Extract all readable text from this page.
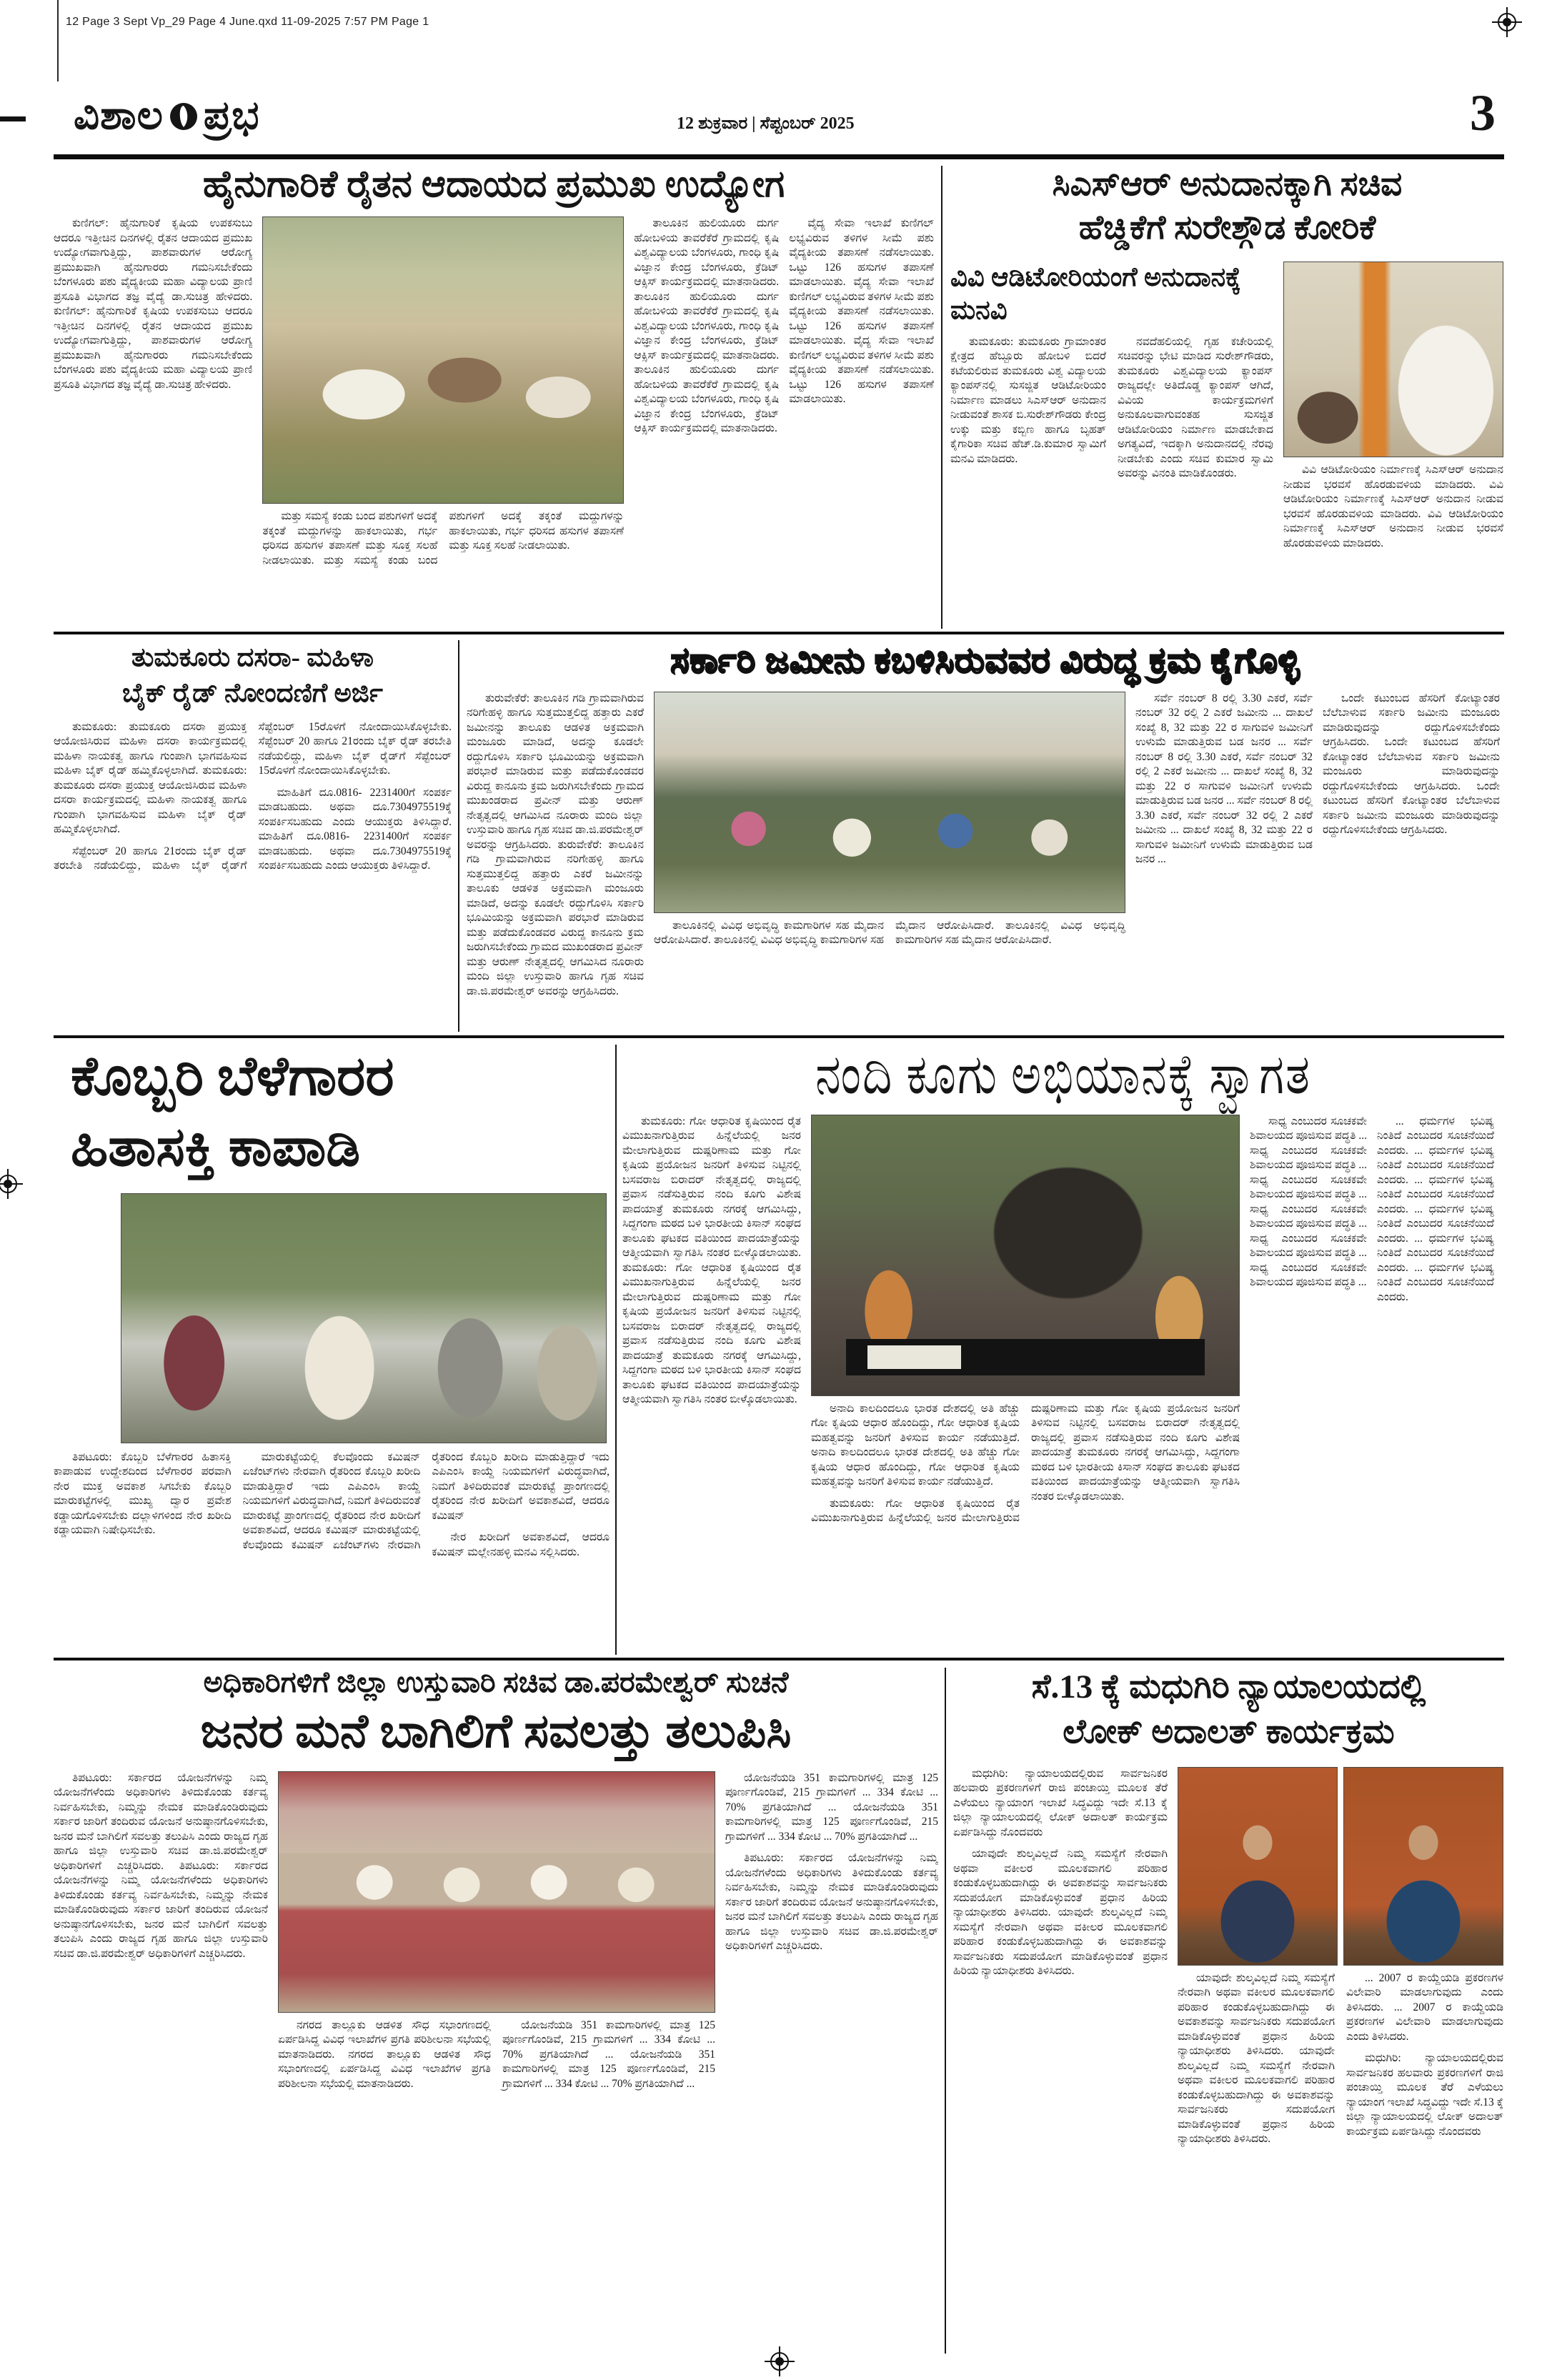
12 Page 3 Sept Vp_29 Page 4 June.qxd 11-09-2025 7:57 PM Page 1
ವಿಶಾಲ ಪ್ರಭ	12 ಶುಕ್ರವಾರ | ಸೆಪ್ಟಂಬರ್ 2025	3
ಹೈನುಗಾರಿಕೆ ರೈತನ ಆದಾಯದ ಪ್ರಮುಖ ಉದ್ಯೋಗ

ಕುಣಿಗಲ್: ಹೈನುಗಾರಿಕೆ ಕೃಷಿಯ ಉಪಕಸುಬು ಆದರೂ ಇತ್ತೀಚಿನ ದಿನಗಳಲ್ಲಿ ರೈತನ ಆದಾಯದ ಪ್ರಮುಖ ಉದ್ಯೋಗವಾಗುತ್ತಿದ್ದು, ಪಾಶವಾರುಗಳ ಆರೋಗ್ಯ ಪ್ರಮುಖವಾಗಿ ಹೈನುಗಾರರು ಗಮನಿಸಬೇಕೆಂದು ಬೆಂಗಳೂರು ಪಶು ವೈದ್ಯಕೀಯ ಮಹಾ ವಿದ್ಯಾಲಯ ಪ್ರಾಣಿ ಪ್ರಸೂತಿ ವಿಭಾಗದ ತಜ್ಞ ವೈದ್ಯೆ ಡಾ.ಸುಚಿತ್ರ ಹೇಳಿದರು. ಕುಣಿಗಲ್: ಹೈನುಗಾರಿಕೆ ಕೃಷಿಯ ಉಪಕಸುಬು ಆದರೂ ಇತ್ತೀಚಿನ ದಿನಗಳಲ್ಲಿ ರೈತನ ಆದಾಯದ ಪ್ರಮುಖ ಉದ್ಯೋಗವಾಗುತ್ತಿದ್ದು, ಪಾಶವಾರುಗಳ ಆರೋಗ್ಯ ಪ್ರಮುಖವಾಗಿ ಹೈನುಗಾರರು ಗಮನಿಸಬೇಕೆಂದು ಬೆಂಗಳೂರು ಪಶು ವೈದ್ಯಕೀಯ ಮಹಾ ವಿದ್ಯಾಲಯ ಪ್ರಾಣಿ ಪ್ರಸೂತಿ ವಿಭಾಗದ ತಜ್ಞ ವೈದ್ಯೆ ಡಾ.ಸುಚಿತ್ರ ಹೇಳಿದರು.

ಮತ್ತು ಸಮಸ್ಯೆ ಕಂಡು ಬಂದ ಪಶುಗಳಿಗೆ ಅದಕ್ಕೆ ತಕ್ಕಂತೆ ಮದ್ದುಗಳನ್ನು ಹಾಕಲಾಯಿತು, ಗರ್ಭ ಧರಿಸದ ಹಸುಗಳ ತಪಾಸಣೆ ಮತ್ತು ಸೂಕ್ತ ಸಲಹೆ ನೀಡಲಾಯಿತು. ಮತ್ತು ಸಮಸ್ಯೆ ಕಂಡು ಬಂದ ಪಶುಗಳಿಗೆ ಅದಕ್ಕೆ ತಕ್ಕಂತೆ ಮದ್ದುಗಳನ್ನು ಹಾಕಲಾಯಿತು, ಗರ್ಭ ಧರಿಸದ ಹಸುಗಳ ತಪಾಸಣೆ ಮತ್ತು ಸೂಕ್ತ ಸಲಹೆ ನೀಡಲಾಯಿತು.

ತಾಲೂಕಿನ ಹುಲಿಯೂರು ದುರ್ಗ ಹೋಬಳಿಯ ತಾವರೆಕೆರೆ ಗ್ರಾಮದಲ್ಲಿ ಕೃಷಿ ವಿಶ್ವವಿದ್ಯಾಲಯ ಬೆಂಗಳೂರು, ಗಾಂಧಿ ಕೃಷಿ ವಿಜ್ಞಾನ ಕೇಂದ್ರ ಬೆಂಗಳೂರು, ಕ್ರೆಡಿಟ್ ಆಕ್ಸಿಸ್ ಕಾರ್ಯಕ್ರಮದಲ್ಲಿ ಮಾತನಾಡಿದರು. ತಾಲೂಕಿನ ಹುಲಿಯೂರು ದುರ್ಗ ಹೋಬಳಿಯ ತಾವರೆಕೆರೆ ಗ್ರಾಮದಲ್ಲಿ ಕೃಷಿ ವಿಶ್ವವಿದ್ಯಾಲಯ ಬೆಂಗಳೂರು, ಗಾಂಧಿ ಕೃಷಿ ವಿಜ್ಞಾನ ಕೇಂದ್ರ ಬೆಂಗಳೂರು, ಕ್ರೆಡಿಟ್ ಆಕ್ಸಿಸ್ ಕಾರ್ಯಕ್ರಮದಲ್ಲಿ ಮಾತನಾಡಿದರು. ತಾಲೂಕಿನ ಹುಲಿಯೂರು ದುರ್ಗ ಹೋಬಳಿಯ ತಾವರೆಕೆರೆ ಗ್ರಾಮದಲ್ಲಿ ಕೃಷಿ ವಿಶ್ವವಿದ್ಯಾಲಯ ಬೆಂಗಳೂರು, ಗಾಂಧಿ ಕೃಷಿ ವಿಜ್ಞಾನ ಕೇಂದ್ರ ಬೆಂಗಳೂರು, ಕ್ರೆಡಿಟ್ ಆಕ್ಸಿಸ್ ಕಾರ್ಯಕ್ರಮದಲ್ಲಿ ಮಾತನಾಡಿದರು.

ವೈದ್ಯ ಸೇವಾ ಇಲಾಖೆ ಕುಣಿಗಲ್ ಲಭ್ಯವಿರುವ ತಳಿಗಳ ಸೀಮೆ ಪಶು ವೈದ್ಯಕೀಯ ತಪಾಸಣೆ ನಡೆಸಲಾಯಿತು. ಒಟ್ಟು 126 ಹಸುಗಳ ತಪಾಸಣೆ ಮಾಡಲಾಯಿತು. ವೈದ್ಯ ಸೇವಾ ಇಲಾಖೆ ಕುಣಿಗಲ್ ಲಭ್ಯವಿರುವ ತಳಿಗಳ ಸೀಮೆ ಪಶು ವೈದ್ಯಕೀಯ ತಪಾಸಣೆ ನಡೆಸಲಾಯಿತು. ಒಟ್ಟು 126 ಹಸುಗಳ ತಪಾಸಣೆ ಮಾಡಲಾಯಿತು. ವೈದ್ಯ ಸೇವಾ ಇಲಾಖೆ ಕುಣಿಗಲ್ ಲಭ್ಯವಿರುವ ತಳಿಗಳ ಸೀಮೆ ಪಶು ವೈದ್ಯಕೀಯ ತಪಾಸಣೆ ನಡೆಸಲಾಯಿತು. ಒಟ್ಟು 126 ಹಸುಗಳ ತಪಾಸಣೆ ಮಾಡಲಾಯಿತು.

ಸಿಎಸ್ಆರ್ ಅನುದಾನಕ್ಕಾಗಿ ಸಚಿವ
ಹೆಚ್ಡಿಕೆಗೆ ಸುರೇಶ್ಗೌಡ ಕೋರಿಕೆ
ವಿವಿ ಆಡಿಟೋರಿಯಂಗೆ ಅನುದಾನಕ್ಕೆ ಮನವಿ

ತುಮಕೂರು: ತುಮಕೂರು ಗ್ರಾಮಾಂತರ ಕ್ಷೇತ್ರದ ಹೆಬ್ಬೂರು ಹೋಬಳಿ ಬಿದರೆ ಕಟೆಯಲಿರುವ ತುಮಕೂರು ವಿಶ್ವ ವಿದ್ಯಾಲಯ ಕ್ಯಾಂಪಸ್‌ನಲ್ಲಿ ಸುಸಜ್ಜಿತ ಆಡಿಟೋರಿಯಂ ನಿರ್ಮಾಣ ಮಾಡಲು ಸಿಎಸ್‌ಆರ್ ಅನುದಾನ ನೀಡುವಂತೆ ಶಾಸಕ ಬಿ.ಸುರೇಶ್‌ಗೌಡರು ಕೇಂದ್ರ ಉಕ್ಕು ಮತ್ತು ಕಬ್ಬಿಣ ಹಾಗೂ ಬೃಹತ್ ಕೈಗಾರಿಕಾ ಸಚಿವ ಹೆಚ್.ಡಿ.ಕುಮಾರ ಸ್ವಾಮಿಗೆ ಮನವಿ ಮಾಡಿದರು.

ನವದೆಹಲಿಯಲ್ಲಿ ಗೃಹ ಕಚೇರಿಯಲ್ಲಿ ಸಚಿವರನ್ನು ಭೇಟಿ ಮಾಡಿದ ಸುರೇಶ್‌ಗೌಡರು, ತುಮಕೂರು ವಿಶ್ವವಿದ್ಯಾಲಯ ಕ್ಯಾಂಪಸ್ ರಾಜ್ಯದಲ್ಲೇ ಅತಿದೊಡ್ಡ ಕ್ಯಾಂಪಸ್ ಆಗಿದೆ, ವಿವಿಯ ಕಾರ್ಯಕ್ರಮಗಳಿಗೆ ಅನುಕೂಲವಾಗುವಂತಹ ಸುಸಜ್ಜಿತ ಆಡಿಟೋರಿಯಂ ನಿರ್ಮಾಣ ಮಾಡಬೇಕಾದ ಅಗತ್ಯವಿದೆ, ಇದಕ್ಕಾಗಿ ಅನುದಾನದಲ್ಲಿ ನೆರವು ನೀಡಬೇಕು ಎಂದು ಸಚಿವ ಕುಮಾರ ಸ್ವಾಮಿ ಅವರನ್ನು ವಿನಂತಿ ಮಾಡಿಕೊಂಡರು.	ವಿವಿ ಆಡಿಟೋರಿಯಂ ನಿರ್ಮಾಣಕ್ಕೆ ಸಿಎಸ್ಆರ್ ಅನುದಾನ ನೀಡುವ ಭರವಸೆ ಹೊರಡುವಳಿಯ ಮಾಡಿದರು. ವಿವಿ ಆಡಿಟೋರಿಯಂ ನಿರ್ಮಾಣಕ್ಕೆ ಸಿಎಸ್ಆರ್ ಅನುದಾನ ನೀಡುವ ಭರವಸೆ ಹೊರಡುವಳಿಯ ಮಾಡಿದರು. ವಿವಿ ಆಡಿಟೋರಿಯಂ ನಿರ್ಮಾಣಕ್ಕೆ ಸಿಎಸ್ಆರ್ ಅನುದಾನ ನೀಡುವ ಭರವಸೆ ಹೊರಡುವಳಿಯ ಮಾಡಿದರು.

ತುಮಕೂರು ದಸರಾ- ಮಹಿಳಾ
ಬೈಕ್ ರೈಡ್ ನೋಂದಣಿಗೆ ಅರ್ಜಿ

ತುಮಕೂರು: ತುಮಕೂರು ದಸರಾ ಪ್ರಯುಕ್ತ ಆಯೋಜಿಸಿರುವ ಮಹಿಳಾ ದಸರಾ ಕಾರ್ಯಕ್ರಮದಲ್ಲಿ ಮಹಿಳಾ ನಾಯಕತ್ವ ಹಾಗೂ ಗುಂಪಾಗಿ ಭಾಗವಹಿಸುವ ಮಹಿಳಾ ಬೈಕ್ ರೈಡ್ ಹಮ್ಮಿಕೊಳ್ಳಲಾಗಿದೆ. ತುಮಕೂರು: ತುಮಕೂರು ದಸರಾ ಪ್ರಯುಕ್ತ ಆಯೋಜಿಸಿರುವ ಮಹಿಳಾ ದಸರಾ ಕಾರ್ಯಕ್ರಮದಲ್ಲಿ ಮಹಿಳಾ ನಾಯಕತ್ವ ಹಾಗೂ ಗುಂಪಾಗಿ ಭಾಗವಹಿಸುವ ಮಹಿಳಾ ಬೈಕ್ ರೈಡ್ ಹಮ್ಮಿಕೊಳ್ಳಲಾಗಿದೆ.

ಸೆಪ್ಟೆಂಬರ್ 20 ಹಾಗೂ 21ರಂದು ಬೈಕ್ ರೈಡ್ ತರಬೇತಿ ನಡೆಯಲಿದ್ದು, ಮಹಿಳಾ ಬೈಕ್ ರೈಡ್‌ಗೆ ಸೆಪ್ಟೆಂಬರ್ 15ರೊಳಗೆ ನೋಂದಾಯಿಸಿಕೊಳ್ಳಬೇಕು. ಸೆಪ್ಟೆಂಬರ್ 20 ಹಾಗೂ 21ರಂದು ಬೈಕ್ ರೈಡ್ ತರಬೇತಿ ನಡೆಯಲಿದ್ದು, ಮಹಿಳಾ ಬೈಕ್ ರೈಡ್‌ಗೆ ಸೆಪ್ಟೆಂಬರ್ 15ರೊಳಗೆ ನೋಂದಾಯಿಸಿಕೊಳ್ಳಬೇಕು.

ಮಾಹಿತಿಗೆ ದೂ.0816- 2231400ಗೆ ಸಂಪರ್ಕ ಮಾಡಬಹುದು. ಅಥವಾ ದೂ.7304975519ಕ್ಕೆ ಸಂಪರ್ಕಿಸಬಹುದು ಎಂದು ಆಯುಕ್ತರು ತಿಳಿಸಿದ್ದಾರೆ. ಮಾಹಿತಿಗೆ ದೂ.0816- 2231400ಗೆ ಸಂಪರ್ಕ ಮಾಡಬಹುದು. ಅಥವಾ ದೂ.7304975519ಕ್ಕೆ ಸಂಪರ್ಕಿಸಬಹುದು ಎಂದು ಆಯುಕ್ತರು ತಿಳಿಸಿದ್ದಾರೆ.

ಸರ್ಕಾರಿ ಜಮೀನು ಕಬಳಿಸಿರುವವರ ವಿರುದ್ಧ ಕ್ರಮ ಕೈಗೊಳ್ಳಿ

ತುರುವೇಕೆರೆ: ತಾಲೂಕಿನ ಗಡಿ ಗ್ರಾಮವಾಗಿರುವ ನರಿಗೇಹಳ್ಳಿ ಹಾಗೂ ಸುತ್ತಮುತ್ತಲಿದ್ದ ಹತ್ತಾರು ಎಕರೆ ಜಮೀನನ್ನು ತಾಲೂಕು ಆಡಳಿತ ಅಕ್ರಮವಾಗಿ ಮಂಜೂರು ಮಾಡಿದೆ, ಅದನ್ನು ಕೂಡಲೇ ರದ್ದುಗೊಳಿಸಿ ಸರ್ಕಾರಿ ಭೂಮಿಯನ್ನು ಅಕ್ರಮವಾಗಿ ಪರಭಾರೆ ಮಾಡಿರುವ ಮತ್ತು ಪಡೆದುಕೊಂಡವರ ವಿರುದ್ದ ಕಾನೂನು ಕ್ರಮ ಜರುಗಿಸಬೇಕೆಂದು ಗ್ರಾಮದ ಮುಖಂಡರಾದ ಪ್ರವೀನ್ ಮತ್ತು ಆರುಣ್ ನೇತೃತ್ವದಲ್ಲಿ ಆಗಮಿಸಿದ ನೂರಾರು ಮಂದಿ ಜಿಲ್ಲಾ ಉಸ್ತುವಾರಿ ಹಾಗೂ ಗೃಹ ಸಚಿವ ಡಾ.ಜಿ.ಪರಮೇಶ್ವರ್ ಅವರನ್ನು ಆಗ್ರಹಿಸಿದರು. ತುರುವೇಕೆರೆ: ತಾಲೂಕಿನ ಗಡಿ ಗ್ರಾಮವಾಗಿರುವ ನರಿಗೇಹಳ್ಳಿ ಹಾಗೂ ಸುತ್ತಮುತ್ತಲಿದ್ದ ಹತ್ತಾರು ಎಕರೆ ಜಮೀನನ್ನು ತಾಲೂಕು ಆಡಳಿತ ಅಕ್ರಮವಾಗಿ ಮಂಜೂರು ಮಾಡಿದೆ, ಅದನ್ನು ಕೂಡಲೇ ರದ್ದುಗೊಳಿಸಿ ಸರ್ಕಾರಿ ಭೂಮಿಯನ್ನು ಅಕ್ರಮವಾಗಿ ಪರಭಾರೆ ಮಾಡಿರುವ ಮತ್ತು ಪಡೆದುಕೊಂಡವರ ವಿರುದ್ದ ಕಾನೂನು ಕ್ರಮ ಜರುಗಿಸಬೇಕೆಂದು ಗ್ರಾಮದ ಮುಖಂಡರಾದ ಪ್ರವೀನ್ ಮತ್ತು ಆರುಣ್ ನೇತೃತ್ವದಲ್ಲಿ ಆಗಮಿಸಿದ ನೂರಾರು ಮಂದಿ ಜಿಲ್ಲಾ ಉಸ್ತುವಾರಿ ಹಾಗೂ ಗೃಹ ಸಚಿವ ಡಾ.ಜಿ.ಪರಮೇಶ್ವರ್ ಅವರನ್ನು ಆಗ್ರಹಿಸಿದರು.

ತಾಲೂಕಿನಲ್ಲಿ ವಿವಿಧ ಅಭಿವೃದ್ಧಿ ಕಾಮಗಾರಿಗಳ ಸಹ ಮೈದಾನ ಆರೋಪಿಸಿದಾರೆ. ತಾಲೂಕಿನಲ್ಲಿ ವಿವಿಧ ಅಭಿವೃದ್ಧಿ ಕಾಮಗಾರಿಗಳ ಸಹ ಮೈದಾನ ಆರೋಪಿಸಿದಾರೆ. ತಾಲೂಕಿನಲ್ಲಿ ವಿವಿಧ ಅಭಿವೃದ್ಧಿ ಕಾಮಗಾರಿಗಳ ಸಹ ಮೈದಾನ ಆರೋಪಿಸಿದಾರೆ.

ಸರ್ವೆ ನಂಬರ್ 8 ರಲ್ಲಿ 3.30 ಎಕರೆ, ಸರ್ವೆ ನಂಬರ್ 32 ರಲ್ಲಿ 2 ಎಕರೆ ಜಮೀನು ... ದಾಖಲೆ ಸಂಖ್ಯೆ 8, 32 ಮತ್ತು 22 ರ ಸಾಗುವಳಿ ಜಮೀನಿಗೆ ಉಳುಮೆ ಮಾಡುತ್ತಿರುವ ಬಡ ಜನರ ... ಸರ್ವೆ ನಂಬರ್ 8 ರಲ್ಲಿ 3.30 ಎಕರೆ, ಸರ್ವೆ ನಂಬರ್ 32 ರಲ್ಲಿ 2 ಎಕರೆ ಜಮೀನು ... ದಾಖಲೆ ಸಂಖ್ಯೆ 8, 32 ಮತ್ತು 22 ರ ಸಾಗುವಳಿ ಜಮೀನಿಗೆ ಉಳುಮೆ ಮಾಡುತ್ತಿರುವ ಬಡ ಜನರ ... ಸರ್ವೆ ನಂಬರ್ 8 ರಲ್ಲಿ 3.30 ಎಕರೆ, ಸರ್ವೆ ನಂಬರ್ 32 ರಲ್ಲಿ 2 ಎಕರೆ ಜಮೀನು ... ದಾಖಲೆ ಸಂಖ್ಯೆ 8, 32 ಮತ್ತು 22 ರ ಸಾಗುವಳಿ ಜಮೀನಿಗೆ ಉಳುಮೆ ಮಾಡುತ್ತಿರುವ ಬಡ ಜನರ ...

ಒಂದೇ ಕಟುಂಬದ ಹೆಸರಿಗೆ ಕೋಟ್ಯಾಂತರ ಬೆಲೆಬಾಳುವ ಸರ್ಕಾರಿ ಜಮೀನು ಮಂಜೂರು ಮಾಡಿರುವುದನ್ನು ರದ್ದುಗೊಳಿಸಬೇಕೆಂದು ಆಗ್ರಹಿಸಿದರು. ಒಂದೇ ಕಟುಂಬದ ಹೆಸರಿಗೆ ಕೋಟ್ಯಾಂತರ ಬೆಲೆಬಾಳುವ ಸರ್ಕಾರಿ ಜಮೀನು ಮಂಜೂರು ಮಾಡಿರುವುದನ್ನು ರದ್ದುಗೊಳಿಸಬೇಕೆಂದು ಆಗ್ರಹಿಸಿದರು. ಒಂದೇ ಕಟುಂಬದ ಹೆಸರಿಗೆ ಕೋಟ್ಯಾಂತರ ಬೆಲೆಬಾಳುವ ಸರ್ಕಾರಿ ಜಮೀನು ಮಂಜೂರು ಮಾಡಿರುವುದನ್ನು ರದ್ದುಗೊಳಿಸಬೇಕೆಂದು ಆಗ್ರಹಿಸಿದರು.

ಕೊಬ್ಬರಿ ಬೆಳೆಗಾರರ
ಹಿತಾಸಕ್ತಿ ಕಾಪಾಡಿ

ತಿಪಟೂರು: ಕೊಬ್ಬರಿ ಬೆಳೆಗಾರರ ಹಿತಾಸಕ್ತಿ ಕಾಪಾಡುವ ಉದ್ದೇಶದಿಂದ ಬೆಳೆಗಾರರ ಪರವಾಗಿ ನೇರ ಮುಕ್ತ ಅವಕಾಶ ಸಿಗಬೇಕು ಕೊಬ್ಬರಿ ಮಾರುಕಟ್ಟೆಗಳಲ್ಲಿ ಮುಖ್ಯ ದ್ವಾರ ಪ್ರವೇಶ ಕಡ್ಡಾಯಗೊಳಿಸಬೇಕು ದಲ್ಲಾಳಿಗಳಿಂದ ನೇರ ಖರೀದಿ ಕಡ್ಡಾಯವಾಗಿ ನಿಷೇಧಿಸಬೇಕು.

ಮಾರುಕಟ್ಟೆಯಲ್ಲಿ ಕೆಲವೊಂದು ಕಮಿಷನ್ ಏಜೆಂಟ್‌ಗಳು ನೇರವಾಗಿ ರೈತರಿಂದ ಕೊಬ್ಬರಿ ಖರೀದಿ ಮಾಡುತ್ತಿದ್ದಾರೆ ಇದು ಎಪಿಎಂಸಿ ಕಾಯ್ದೆ ನಿಯಮಗಳಿಗೆ ವಿರುದ್ಧವಾಗಿದೆ, ನಿಮಗೆ ತಿಳಿದಿರುವಂತೆ ಮಾರುಕಟ್ಟೆ ಪ್ರಾಂಗಣದಲ್ಲಿ ರೈತರಿಂದ ನೇರ ಖರೀದಿಗೆ ಅವಕಾಶವಿದೆ, ಆದರೂ ಕಮಿಷನ್ ಮಾರುಕಟ್ಟೆಯಲ್ಲಿ ಕೆಲವೊಂದು ಕಮಿಷನ್ ಏಜೆಂಟ್‌ಗಳು ನೇರವಾಗಿ ರೈತರಿಂದ ಕೊಬ್ಬರಿ ಖರೀದಿ ಮಾಡುತ್ತಿದ್ದಾರೆ ಇದು ಎಪಿಎಂಸಿ ಕಾಯ್ದೆ ನಿಯಮಗಳಿಗೆ ವಿರುದ್ಧವಾಗಿದೆ, ನಿಮಗೆ ತಿಳಿದಿರುವಂತೆ ಮಾರುಕಟ್ಟೆ ಪ್ರಾಂಗಣದಲ್ಲಿ ರೈತರಿಂದ ನೇರ ಖರೀದಿಗೆ ಅವಕಾಶವಿದೆ, ಆದರೂ ಕಮಿಷನ್

ನೇರ ಖರೀದಿಗೆ ಅವಕಾಶವಿದೆ, ಆದರೂ ಕಮಿಷನ್ ಮಲ್ಲೇನಹಳ್ಳಿ ಮನವಿ ಸಲ್ಲಿಸಿದರು.

ನಂದಿ ಕೂಗು ಅಭಿಯಾನಕ್ಕೆ ಸ್ವಾಗತ

ತುಮಕೂರು: ಗೋ ಆಧಾರಿತ ಕೃಷಿಯಿಂದ ರೈತ ವಿಮುಖನಾಗುತ್ತಿರುವ ಹಿನ್ನೆಲೆಯಲ್ಲಿ ಜನರ ಮೇಲಾಗುತ್ತಿರುವ ದುಷ್ಪರಿಣಾಮ ಮತ್ತು ಗೋ ಕೃಷಿಯ ಪ್ರಯೋಜನ ಜನರಿಗೆ ತಿಳಿಸುವ ನಿಟ್ಟಿನಲ್ಲಿ ಬಸವರಾಜ ಬಿರಾದರ್ ನೇತೃತ್ವದಲ್ಲಿ ರಾಜ್ಯದಲ್ಲಿ ಪ್ರವಾಸ ನಡೆಸುತ್ತಿರುವ ನಂದಿ ಕೂಗು ವಿಶೇಷ ಪಾದಯಾತ್ರೆ ತುಮಕೂರು ನಗರಕ್ಕೆ ಆಗಮಿಸಿದ್ದು, ಸಿದ್ದಗಂಗಾ ಮಠದ ಬಳಿ ಭಾರತೀಯ ಕಿಸಾನ್ ಸಂಘದ ತಾಲೂಕು ಘಟಕದ ವತಿಯಿಂದ ಪಾದಯಾತ್ರೆಯನ್ನು ಆತ್ಮೀಯವಾಗಿ ಸ್ವಾಗತಿಸಿ ನಂತರ ಬೀಳ್ಕೊಡಲಾಯಿತು. ತುಮಕೂರು: ಗೋ ಆಧಾರಿತ ಕೃಷಿಯಿಂದ ರೈತ ವಿಮುಖನಾಗುತ್ತಿರುವ ಹಿನ್ನೆಲೆಯಲ್ಲಿ ಜನರ ಮೇಲಾಗುತ್ತಿರುವ ದುಷ್ಪರಿಣಾಮ ಮತ್ತು ಗೋ ಕೃಷಿಯ ಪ್ರಯೋಜನ ಜನರಿಗೆ ತಿಳಿಸುವ ನಿಟ್ಟಿನಲ್ಲಿ ಬಸವರಾಜ ಬಿರಾದರ್ ನೇತೃತ್ವದಲ್ಲಿ ರಾಜ್ಯದಲ್ಲಿ ಪ್ರವಾಸ ನಡೆಸುತ್ತಿರುವ ನಂದಿ ಕೂಗು ವಿಶೇಷ ಪಾದಯಾತ್ರೆ ತುಮಕೂರು ನಗರಕ್ಕೆ ಆಗಮಿಸಿದ್ದು, ಸಿದ್ದಗಂಗಾ ಮಠದ ಬಳಿ ಭಾರತೀಯ ಕಿಸಾನ್ ಸಂಘದ ತಾಲೂಕು ಘಟಕದ ವತಿಯಿಂದ ಪಾದಯಾತ್ರೆಯನ್ನು ಆತ್ಮೀಯವಾಗಿ ಸ್ವಾಗತಿಸಿ ನಂತರ ಬೀಳ್ಕೊಡಲಾಯಿತು.

ಅನಾದಿ ಕಾಲದಿಂದಲೂ ಭಾರತ ದೇಶದಲ್ಲಿ ಅತಿ ಹೆಚ್ಚು ಗೋ ಕೃಷಿಯ ಆಧಾರ ಹೊಂದಿದ್ದು, ಗೋ ಆಧಾರಿತ ಕೃಷಿಯ ಮಹತ್ವವನ್ನು ಜನರಿಗೆ ತಿಳಿಸುವ ಕಾರ್ಯ ನಡೆಯುತ್ತಿದೆ. ಅನಾದಿ ಕಾಲದಿಂದಲೂ ಭಾರತ ದೇಶದಲ್ಲಿ ಅತಿ ಹೆಚ್ಚು ಗೋ ಕೃಷಿಯ ಆಧಾರ ಹೊಂದಿದ್ದು, ಗೋ ಆಧಾರಿತ ಕೃಷಿಯ ಮಹತ್ವವನ್ನು ಜನರಿಗೆ ತಿಳಿಸುವ ಕಾರ್ಯ ನಡೆಯುತ್ತಿದೆ.

ತುಮಕೂರು: ಗೋ ಆಧಾರಿತ ಕೃಷಿಯಿಂದ ರೈತ ವಿಮುಖನಾಗುತ್ತಿರುವ ಹಿನ್ನೆಲೆಯಲ್ಲಿ ಜನರ ಮೇಲಾಗುತ್ತಿರುವ ದುಷ್ಪರಿಣಾಮ ಮತ್ತು ಗೋ ಕೃಷಿಯ ಪ್ರಯೋಜನ ಜನರಿಗೆ ತಿಳಿಸುವ ನಿಟ್ಟಿನಲ್ಲಿ ಬಸವರಾಜ ಬಿರಾದರ್ ನೇತೃತ್ವದಲ್ಲಿ ರಾಜ್ಯದಲ್ಲಿ ಪ್ರವಾಸ ನಡೆಸುತ್ತಿರುವ ನಂದಿ ಕೂಗು ವಿಶೇಷ ಪಾದಯಾತ್ರೆ ತುಮಕೂರು ನಗರಕ್ಕೆ ಆಗಮಿಸಿದ್ದು, ಸಿದ್ದಗಂಗಾ ಮಠದ ಬಳಿ ಭಾರತೀಯ ಕಿಸಾನ್ ಸಂಘದ ತಾಲೂಕು ಘಟಕದ ವತಿಯಿಂದ ಪಾದಯಾತ್ರೆಯನ್ನು ಆತ್ಮೀಯವಾಗಿ ಸ್ವಾಗತಿಸಿ ನಂತರ ಬೀಳ್ಕೊಡಲಾಯಿತು.

ಸಾಧ್ಯ ಎಂಬುದರ ಸೂಚಕವೇ ಶಿವಾಲಯದ ಪೂಜಿಸುವ ಪದ್ಧತಿ ... ಸಾಧ್ಯ ಎಂಬುದರ ಸೂಚಕವೇ ಶಿವಾಲಯದ ಪೂಜಿಸುವ ಪದ್ಧತಿ ... ಸಾಧ್ಯ ಎಂಬುದರ ಸೂಚಕವೇ ಶಿವಾಲಯದ ಪೂಜಿಸುವ ಪದ್ಧತಿ ... ಸಾಧ್ಯ ಎಂಬುದರ ಸೂಚಕವೇ ಶಿವಾಲಯದ ಪೂಜಿಸುವ ಪದ್ಧತಿ ... ಸಾಧ್ಯ ಎಂಬುದರ ಸೂಚಕವೇ ಶಿವಾಲಯದ ಪೂಜಿಸುವ ಪದ್ಧತಿ ... ಸಾಧ್ಯ ಎಂಬುದರ ಸೂಚಕವೇ ಶಿವಾಲಯದ ಪೂಜಿಸುವ ಪದ್ಧತಿ ...

... ಧರ್ಮಗಳ ಭವಿಷ್ಯ ನಿಂತಿದೆ ಎಂಬುದರ ಸೂಚನೆಯಿದೆ ಎಂದರು. ... ಧರ್ಮಗಳ ಭವಿಷ್ಯ ನಿಂತಿದೆ ಎಂಬುದರ ಸೂಚನೆಯಿದೆ ಎಂದರು. ... ಧರ್ಮಗಳ ಭವಿಷ್ಯ ನಿಂತಿದೆ ಎಂಬುದರ ಸೂಚನೆಯಿದೆ ಎಂದರು. ... ಧರ್ಮಗಳ ಭವಿಷ್ಯ ನಿಂತಿದೆ ಎಂಬುದರ ಸೂಚನೆಯಿದೆ ಎಂದರು. ... ಧರ್ಮಗಳ ಭವಿಷ್ಯ ನಿಂತಿದೆ ಎಂಬುದರ ಸೂಚನೆಯಿದೆ ಎಂದರು. ... ಧರ್ಮಗಳ ಭವಿಷ್ಯ ನಿಂತಿದೆ ಎಂಬುದರ ಸೂಚನೆಯಿದೆ ಎಂದರು.

ಅಧಿಕಾರಿಗಳಿಗೆ ಜಿಲ್ಲಾ ಉಸ್ತುವಾರಿ ಸಚಿವ ಡಾ.ಪರಮೇಶ್ವರ್ ಸುಚನೆ
ಜನರ ಮನೆ ಬಾಗಿಲಿಗೆ ಸವಲತ್ತು ತಲುಪಿಸಿ

ತಿಪಟೂರು: ಸರ್ಕಾರದ ಯೋಜನೆಗಳನ್ನು ನಿಮ್ಮ ಯೋಜನೆಗಳೆಂದು ಅಧಿಕಾರಿಗಳು ತಿಳಿದುಕೊಂಡು ಕರ್ತವ್ಯ ನಿರ್ವಹಿಸಬೇಕು, ನಿಮ್ಮನ್ನು ನೇಮಕ ಮಾಡಿಕೊಂಡಿರುವುದು ಸರ್ಕಾರ ಜಾರಿಗೆ ತಂದಿರುವ ಯೋಜನೆ ಅನುಷ್ಠಾನಗೊಳಿಸಬೇಕು, ಜನರ ಮನೆ ಬಾಗಿಲಿಗೆ ಸವಲತ್ತು ತಲುಪಿಸಿ ಎಂದು ರಾಜ್ಯದ ಗೃಹ ಹಾಗೂ ಜಿಲ್ಲಾ ಉಸ್ತುವಾರಿ ಸಚಿವ ಡಾ.ಜಿ.ಪರಮೇಶ್ವರ್ ಅಧಿಕಾರಿಗಳಿಗೆ ಎಚ್ಚರಿಸಿದರು. ತಿಪಟೂರು: ಸರ್ಕಾರದ ಯೋಜನೆಗಳನ್ನು ನಿಮ್ಮ ಯೋಜನೆಗಳೆಂದು ಅಧಿಕಾರಿಗಳು ತಿಳಿದುಕೊಂಡು ಕರ್ತವ್ಯ ನಿರ್ವಹಿಸಬೇಕು, ನಿಮ್ಮನ್ನು ನೇಮಕ ಮಾಡಿಕೊಂಡಿರುವುದು ಸರ್ಕಾರ ಜಾರಿಗೆ ತಂದಿರುವ ಯೋಜನೆ ಅನುಷ್ಠಾನಗೊಳಿಸಬೇಕು, ಜನರ ಮನೆ ಬಾಗಿಲಿಗೆ ಸವಲತ್ತು ತಲುಪಿಸಿ ಎಂದು ರಾಜ್ಯದ ಗೃಹ ಹಾಗೂ ಜಿಲ್ಲಾ ಉಸ್ತುವಾರಿ ಸಚಿವ ಡಾ.ಜಿ.ಪರಮೇಶ್ವರ್ ಅಧಿಕಾರಿಗಳಿಗೆ ಎಚ್ಚರಿಸಿದರು.

ನಗರದ ತಾಲ್ಲೂಕು ಆಡಳಿತ ಸೌಧ ಸಭಾಂಗಣದಲ್ಲಿ ಏರ್ಪಡಿಸಿದ್ದ ವಿವಿಧ ಇಲಾಖೆಗಳ ಪ್ರಗತಿ ಪರಿಶೀಲನಾ ಸಭೆಯಲ್ಲಿ ಮಾತನಾಡಿದರು. ನಗರದ ತಾಲ್ಲೂಕು ಆಡಳಿತ ಸೌಧ ಸಭಾಂಗಣದಲ್ಲಿ ಏರ್ಪಡಿಸಿದ್ದ ವಿವಿಧ ಇಲಾಖೆಗಳ ಪ್ರಗತಿ ಪರಿಶೀಲನಾ ಸಭೆಯಲ್ಲಿ ಮಾತನಾಡಿದರು.

ಯೋಜನೆಯಡಿ 351 ಕಾಮಗಾರಿಗಳಲ್ಲಿ ಮಾತ್ರ 125 ಪೂರ್ಣಗೊಂಡಿವೆ, 215 ಗ್ರಾಮಗಳಿಗೆ ... 334 ಕೋಟಿ ... 70% ಪ್ರಗತಿಯಾಗಿದೆ ... ಯೋಜನೆಯಡಿ 351 ಕಾಮಗಾರಿಗಳಲ್ಲಿ ಮಾತ್ರ 125 ಪೂರ್ಣಗೊಂಡಿವೆ, 215 ಗ್ರಾಮಗಳಿಗೆ ... 334 ಕೋಟಿ ... 70% ಪ್ರಗತಿಯಾಗಿದೆ ...

ಯೋಜನೆಯಡಿ 351 ಕಾಮಗಾರಿಗಳಲ್ಲಿ ಮಾತ್ರ 125 ಪೂರ್ಣಗೊಂಡಿವೆ, 215 ಗ್ರಾಮಗಳಿಗೆ ... 334 ಕೋಟಿ ... 70% ಪ್ರಗತಿಯಾಗಿದೆ ... ಯೋಜನೆಯಡಿ 351 ಕಾಮಗಾರಿಗಳಲ್ಲಿ ಮಾತ್ರ 125 ಪೂರ್ಣಗೊಂಡಿವೆ, 215 ಗ್ರಾಮಗಳಿಗೆ ... 334 ಕೋಟಿ ... 70% ಪ್ರಗತಿಯಾಗಿದೆ ...

ತಿಪಟೂರು: ಸರ್ಕಾರದ ಯೋಜನೆಗಳನ್ನು ನಿಮ್ಮ ಯೋಜನೆಗಳೆಂದು ಅಧಿಕಾರಿಗಳು ತಿಳಿದುಕೊಂಡು ಕರ್ತವ್ಯ ನಿರ್ವಹಿಸಬೇಕು, ನಿಮ್ಮನ್ನು ನೇಮಕ ಮಾಡಿಕೊಂಡಿರುವುದು ಸರ್ಕಾರ ಜಾರಿಗೆ ತಂದಿರುವ ಯೋಜನೆ ಅನುಷ್ಠಾನಗೊಳಿಸಬೇಕು, ಜನರ ಮನೆ ಬಾಗಿಲಿಗೆ ಸವಲತ್ತು ತಲುಪಿಸಿ ಎಂದು ರಾಜ್ಯದ ಗೃಹ ಹಾಗೂ ಜಿಲ್ಲಾ ಉಸ್ತುವಾರಿ ಸಚಿವ ಡಾ.ಜಿ.ಪರಮೇಶ್ವರ್ ಅಧಿಕಾರಿಗಳಿಗೆ ಎಚ್ಚರಿಸಿದರು.

ಸೆ.13 ಕ್ಕೆ ಮಧುಗಿರಿ ನ್ಯಾಯಾಲಯದಲ್ಲಿ
ಲೋಕ್ ಅದಾಲತ್ ಕಾರ್ಯಕ್ರಮ

ಮಧುಗಿರಿ: ನ್ಯಾಯಾಲಯದಲ್ಲಿರುವ ಸಾರ್ವಜನಿಕರ ಹಲವಾರು ಪ್ರಕರಣಗಳಿಗೆ ರಾಜಿ ಪಂಚಾಯ್ತಿ ಮೂಲಕ ತೆರೆ ಎಳೆಯಲು ನ್ಯಾಯಾಂಗ ಇಲಾಖೆ ಸಿದ್ಧವಿದ್ದು ಇದೇ ಸೆ.13 ಕ್ಕೆ ಜಿಲ್ಲಾ ನ್ಯಾಯಾಲಯದಲ್ಲಿ ಲೋಕ್ ಅದಾಲತ್ ಕಾರ್ಯಕ್ರಮ ಏರ್ಪಡಿಸಿದ್ದು ನೊಂದವರು

ಯಾವುದೇ ಶುಲ್ಕವಿಲ್ಲದೆ ನಿಮ್ಮ ಸಮಸ್ಯೆಗೆ ನೇರವಾಗಿ ಅಥವಾ ವಕೀಲರ ಮೂಲಕವಾಗಲಿ ಪರಿಹಾರ ಕಂಡುಕೊಳ್ಳಬಹುದಾಗಿದ್ದು ಈ ಅವಕಾಶವನ್ನು ಸಾರ್ವಜನಿಕರು ಸದುಪಯೋಗ ಮಾಡಿಕೊಳ್ಳುವಂತೆ ಪ್ರಧಾನ ಹಿರಿಯ ನ್ಯಾಯಾಧೀಶರು ತಿಳಿಸಿದರು. ಯಾವುದೇ ಶುಲ್ಕವಿಲ್ಲದೆ ನಿಮ್ಮ ಸಮಸ್ಯೆಗೆ ನೇರವಾಗಿ ಅಥವಾ ವಕೀಲರ ಮೂಲಕವಾಗಲಿ ಪರಿಹಾರ ಕಂಡುಕೊಳ್ಳಬಹುದಾಗಿದ್ದು ಈ ಅವಕಾಶವನ್ನು ಸಾರ್ವಜನಿಕರು ಸದುಪಯೋಗ ಮಾಡಿಕೊಳ್ಳುವಂತೆ ಪ್ರಧಾನ ಹಿರಿಯ ನ್ಯಾಯಾಧೀಶರು ತಿಳಿಸಿದರು.

ಯಾವುದೇ ಶುಲ್ಕವಿಲ್ಲದೆ ನಿಮ್ಮ ಸಮಸ್ಯೆಗೆ ನೇರವಾಗಿ ಅಥವಾ ವಕೀಲರ ಮೂಲಕವಾಗಲಿ ಪರಿಹಾರ ಕಂಡುಕೊಳ್ಳಬಹುದಾಗಿದ್ದು ಈ ಅವಕಾಶವನ್ನು ಸಾರ್ವಜನಿಕರು ಸದುಪಯೋಗ ಮಾಡಿಕೊಳ್ಳುವಂತೆ ಪ್ರಧಾನ ಹಿರಿಯ ನ್ಯಾಯಾಧೀಶರು ತಿಳಿಸಿದರು. ಯಾವುದೇ ಶುಲ್ಕವಿಲ್ಲದೆ ನಿಮ್ಮ ಸಮಸ್ಯೆಗೆ ನೇರವಾಗಿ ಅಥವಾ ವಕೀಲರ ಮೂಲಕವಾಗಲಿ ಪರಿಹಾರ ಕಂಡುಕೊಳ್ಳಬಹುದಾಗಿದ್ದು ಈ ಅವಕಾಶವನ್ನು ಸಾರ್ವಜನಿಕರು ಸದುಪಯೋಗ ಮಾಡಿಕೊಳ್ಳುವಂತೆ ಪ್ರಧಾನ ಹಿರಿಯ ನ್ಯಾಯಾಧೀಶರು ತಿಳಿಸಿದರು.

... 2007 ರ ಕಾಯ್ದೆಯಡಿ ಪ್ರಕರಣಗಳ ವಿಲೇವಾರಿ ಮಾಡಲಾಗುವುದು ಎಂದು ತಿಳಿಸಿದರು. ... 2007 ರ ಕಾಯ್ದೆಯಡಿ ಪ್ರಕರಣಗಳ ವಿಲೇವಾರಿ ಮಾಡಲಾಗುವುದು ಎಂದು ತಿಳಿಸಿದರು.

ಮಧುಗಿರಿ: ನ್ಯಾಯಾಲಯದಲ್ಲಿರುವ ಸಾರ್ವಜನಿಕರ ಹಲವಾರು ಪ್ರಕರಣಗಳಿಗೆ ರಾಜಿ ಪಂಚಾಯ್ತಿ ಮೂಲಕ ತೆರೆ ಎಳೆಯಲು ನ್ಯಾಯಾಂಗ ಇಲಾಖೆ ಸಿದ್ಧವಿದ್ದು ಇದೇ ಸೆ.13 ಕ್ಕೆ ಜಿಲ್ಲಾ ನ್ಯಾಯಾಲಯದಲ್ಲಿ ಲೋಕ್ ಅದಾಲತ್ ಕಾರ್ಯಕ್ರಮ ಏರ್ಪಡಿಸಿದ್ದು ನೊಂದವರು
